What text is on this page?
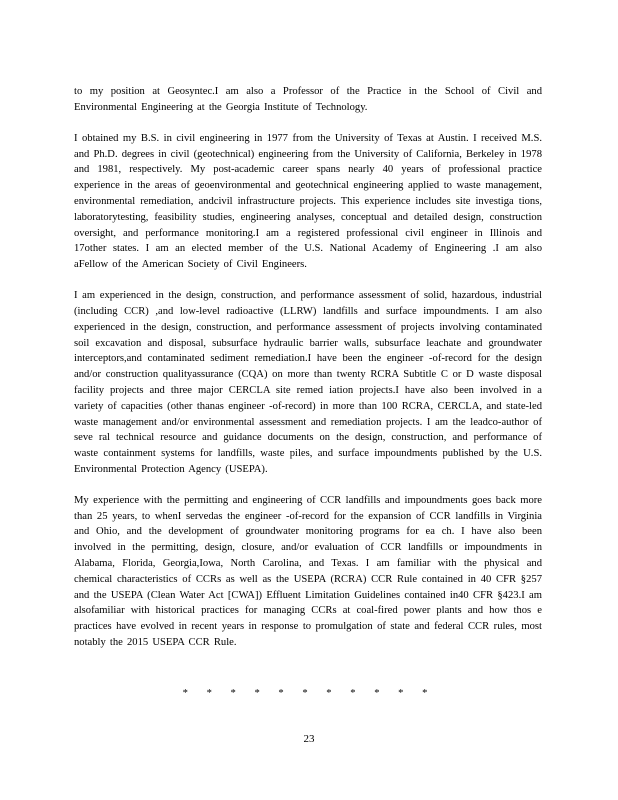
to my position at Geosyntec.I am also a Professor of the Practice in the School of Civil and Environmental Engineering at the Georgia Institute of Technology.

I obtained my B.S. in civil engineering in 1977 from the University of Texas at Austin. I received M.S. and Ph.D. degrees in civil (geotechnical) engineering from the University of California, Berkeley in 1978 and 1981, respectively. My post-academic career spans nearly 40 years of professional practice experience in the areas of geoenvironmental and geotechnical engineering applied to waste management, environmental remediation, andcivil infrastructure projects. This experience includes site investiga tions, laboratorytesting, feasibility studies, engineering analyses, conceptual and detailed design, construction oversight, and performance monitoring.I am a registered professional civil engineer in Illinois and 17other states. I am an elected member of the U.S. National Academy of Engineering .I am also aFellow of the American Society of Civil Engineers.

I am experienced in the design, construction, and performance assessment of solid, hazardous, industrial (including CCR) ,and low-level radioactive (LLRW) landfills and surface impoundments. I am also experienced in the design, construction, and performance assessment of projects involving contaminated soil excavation and disposal, subsurface hydraulic barrier walls, subsurface leachate and groundwater interceptors,and contaminated sediment remediation.I have been the engineer -of-record for the design and/or construction qualityassurance (CQA) on more than twenty RCRA Subtitle C or D waste disposal facility projects and three major CERCLA site remed iation projects.I have also been involved in a variety of capacities (other thanas engineer -of-record) in more than 100 RCRA, CERCLA, and state-led waste management and/or environmental assessment and remediation projects. I am the leadco-author of seve ral technical resource and guidance documents on the design, construction, and performance of waste containment systems for landfills, waste piles, and surface impoundments published by the U.S. Environmental Protection Agency (USEPA).

My experience with the permitting and engineering of CCR landfills and impoundments goes back more than 25 years, to whenI servedas the engineer -of-record for the expansion of CCR landfills in Virginia and Ohio, and the development of groundwater monitoring programs for ea ch. I have also been involved in the permitting, design, closure, and/or evaluation of CCR landfills or impoundments in Alabama, Florida, Georgia,Iowa, North Carolina, and Texas. I am familiar with the physical and chemical characteristics of CCRs as well as the USEPA (RCRA) CCR Rule contained in 40 CFR §257 and the USEPA (Clean Water Act [CWA]) Effluent Limitation Guidelines contained in40 CFR §423.I am alsofamiliar with historical practices for managing CCRs at coal-fired power plants and how thos e practices have evolved in recent years in response to promulgation of state and federal CCR rules, most notably the 2015 USEPA CCR Rule.

* * * * * * * * * * *
23
